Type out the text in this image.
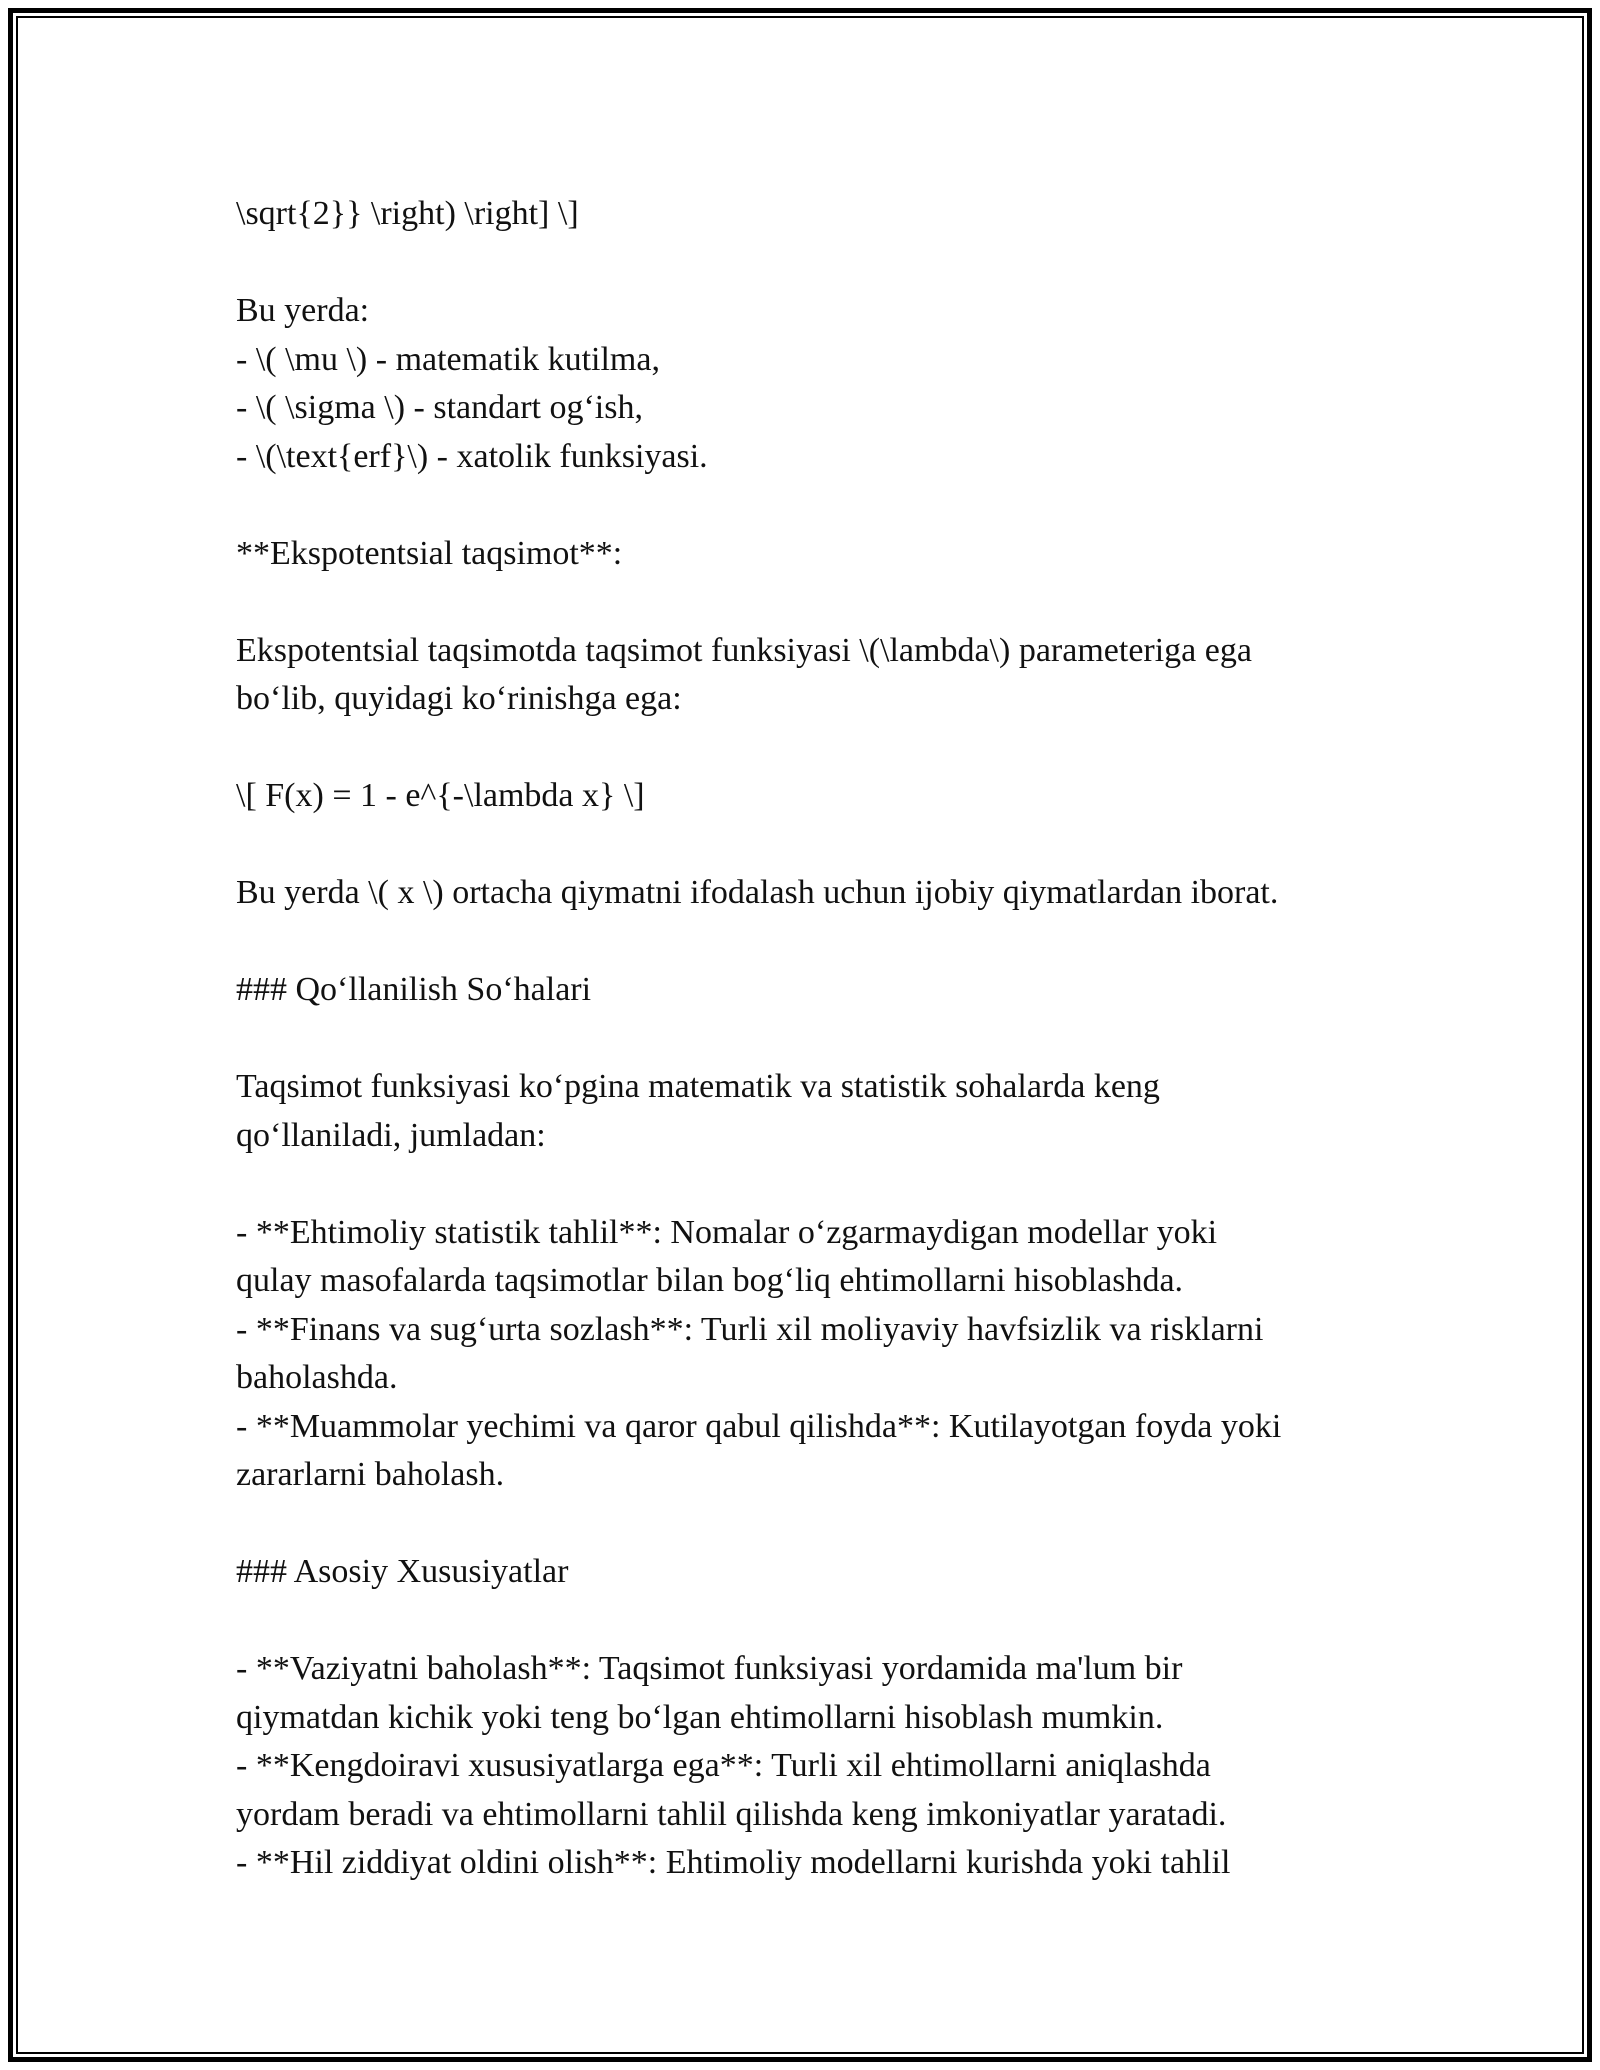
\sqrt{2}} \right) \right] \]

Bu yerda:
- \( \mu \) - matematik kutilma,
- \( \sigma \) - standart og‘ish,
- \(\text{erf}\) - xatolik funksiyasi.

**Ekspotentsial taqsimot**:

Ekspotentsial taqsimotda taqsimot funksiyasi \(\lambda\) parameteriga ega
bo‘lib, quyidagi ko‘rinishga ega:

\[ F(x) = 1 - e^{-\lambda x} \]

Bu yerda \( x \) ortacha qiymatni ifodalash uchun ijobiy qiymatlardan iborat.

### Qo‘llanilish So‘halari

Taqsimot funksiyasi ko‘pgina matematik va statistik sohalarda keng
qo‘llaniladi, jumladan:

- **Ehtimoliy statistik tahlil**: Nomalar o‘zgarmaydigan modellar yoki
qulay masofalarda taqsimotlar bilan bog‘liq ehtimollarni hisoblashda.
- **Finans va sug‘urta sozlash**: Turli xil moliyaviy havfsizlik va risklarni
baholashda.
- **Muammolar yechimi va qaror qabul qilishda**: Kutilayotgan foyda yoki
zararlarni baholash.

### Asosiy Xususiyatlar

- **Vaziyatni baholash**: Taqsimot funksiyasi yordamida ma'lum bir
qiymatdan kichik yoki teng bo‘lgan ehtimollarni hisoblash mumkin.
- **Kengdoiravi xususiyatlarga ega**: Turli xil ehtimollarni aniqlashda
yordam beradi va ehtimollarni tahlil qilishda keng imkoniyatlar yaratadi.
- **Hil ziddiyat oldini olish**: Ehtimoliy modellarni kurishda yoki tahlil
